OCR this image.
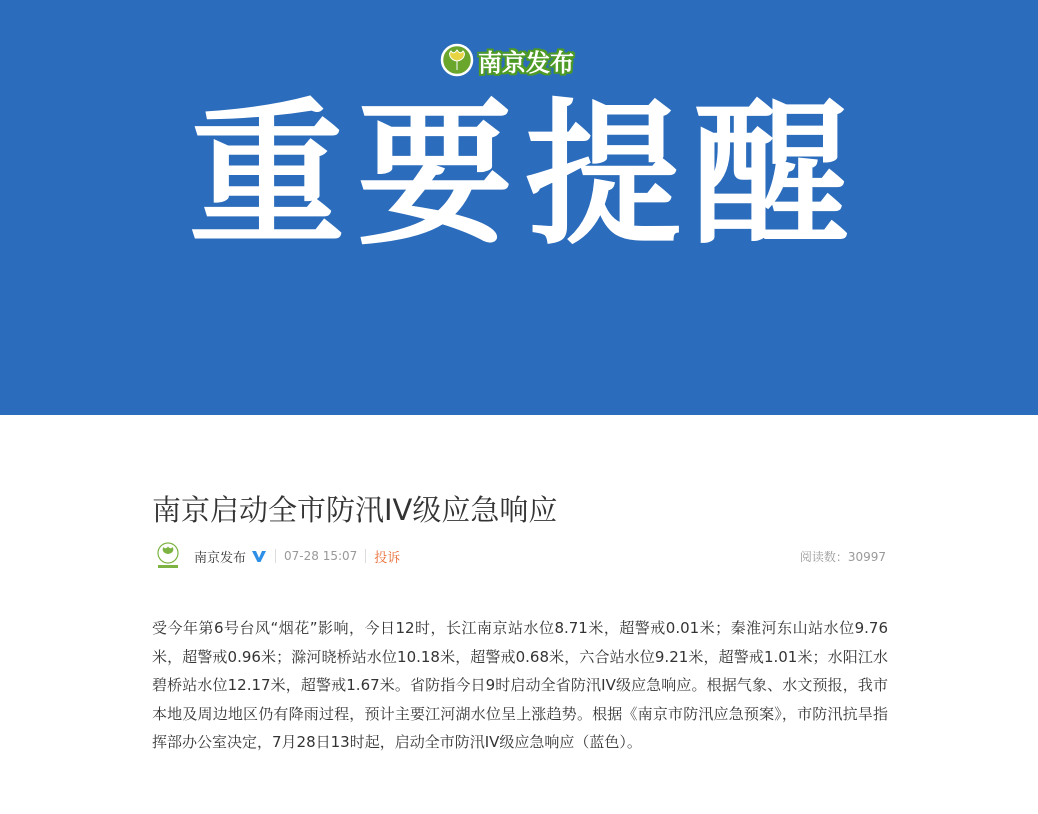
南京发布
重要提醒
南京启动全市防汛IV级应急响应
南京发布	07-28 15:07 投诉	阅读数：30997

受今年第6号台风“烟花”影响，今日12时，长江南京站水位8.71米，超警戒0.01米；秦淮河东山站水位9.76米，超警戒0.96米；滁河晓桥站水位10.18米，超警戒0.68米，六合站水位9.21米，超警戒1.01米；水阳江水碧桥站水位12.17米，超警戒1.67米。省防指今日9时启动全省防汛IV级应急响应。根据气象、水文预报，我市本地及周边地区仍有降雨过程，预计主要江河湖水位呈上涨趋势。根据《南京市防汛应急预案》，市防汛抗旱指挥部办公室决定，7月28日13时起，启动全市防汛IV级应急响应（蓝色）。
